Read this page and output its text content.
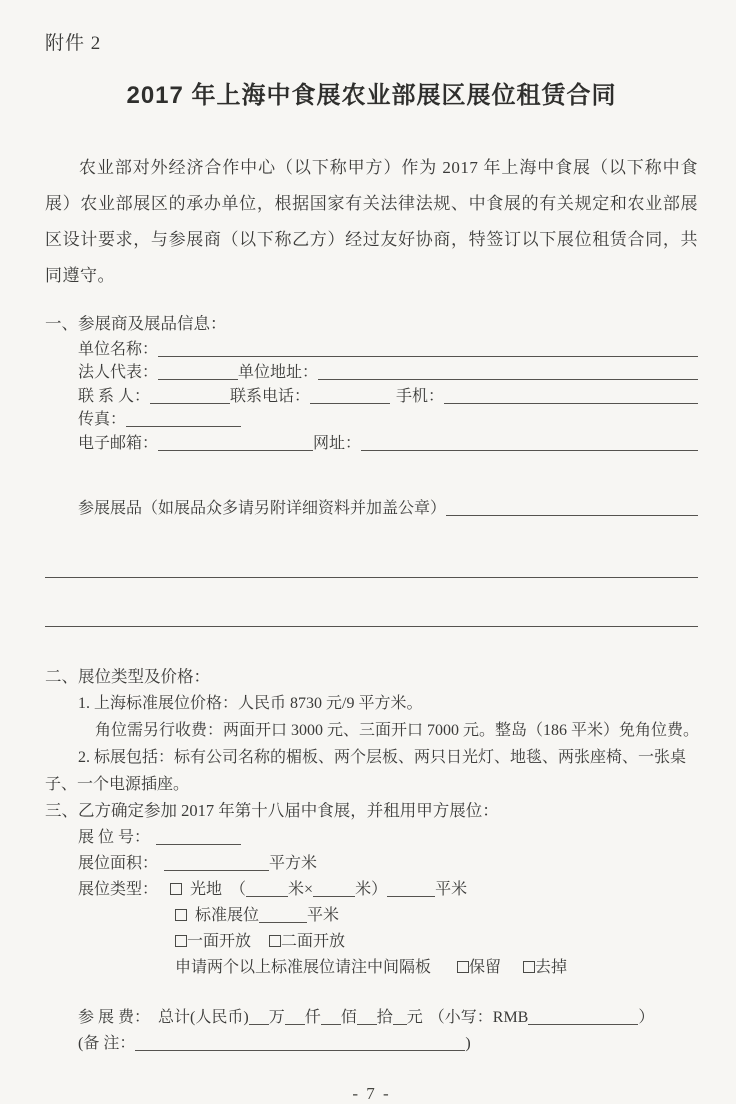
附件 2
2017 年上海中食展农业部展区展位租赁合同
农业部对外经济合作中心（以下称甲方）作为 2017 年上海中食展（以下称中食展）农业部展区的承办单位，根据国家有关法律法规、中食展的有关规定和农业部展区设计要求，与参展商（以下称乙方）经过友好协商，特签订以下展位租赁合同，共同遵守。
一、参展商及展品信息：
单位名称：
法人代表：	单位地址：
联 系 人：	联系电话：	手机：
传真：
电子邮箱：	网址：
参展展品（如展品众多请另附详细资料并加盖公章）
二、展位类型及价格：
1. 上海标准展位价格：人民币 8730 元/9 平方米。
角位需另行收费：两面开口 3000 元、三面开口 7000 元。整岛（186 平米）免角位费。
2. 标展包括：标有公司名称的楣板、两个层板、两只日光灯、地毯、两张座椅、一张桌
子、一个电源插座。
三、乙方确定参加 2017 年第十八届中食展，并租用甲方展位：
展 位 号：
展位面积：	平方米
展位类型： 光地 （	米×	米）	平米
标准展位	平米
一面开放 二面开放
申请两个以上标准展位请注中间隔板 保留 去掉
参 展 费： 总计(人民币) 万 仟 佰 拾 元 （小写：RMB	）
(备 注：	)
- 7 -
